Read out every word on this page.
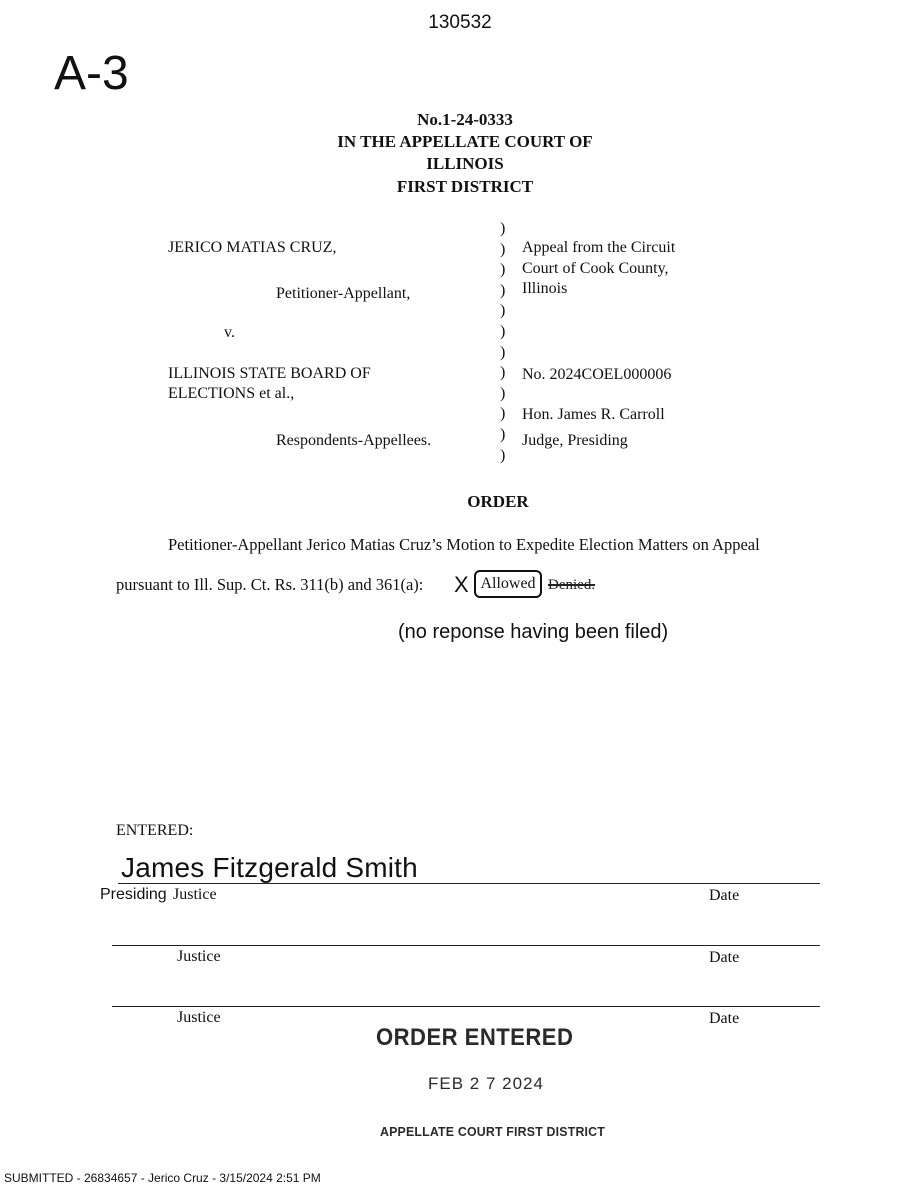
130532
A-3
No.1-24-0333
IN THE APPELLATE COURT OF
ILLINOIS
FIRST DISTRICT
JERICO MATIAS CRUZ,
Petitioner-Appellant,
v.
ILLINOIS STATE BOARD OF ELECTIONS et al.,
Respondents-Appellees.
)
)
)
)
)
)
)
)
)
)
)
)
Appeal from the Circuit Court of Cook County, Illinois
No. 2024COEL000006
Hon. James R. Carroll
Judge, Presiding
ORDER
Petitioner-Appellant Jerico Matias Cruz’s Motion to Expedite Election Matters on Appeal
pursuant to Ill. Sup. Ct. Rs. 311(b) and 361(a): X Allowed Denied.
(no reponse having been filed)
ENTERED:
James Fitzgerald Smith
Presiding Justice	Date
Justice	Date
Justice	Date
ORDER ENTERED
FEB 2 7 2024
APPELLATE COURT FIRST DISTRICT
SUBMITTED - 26834657 - Jerico Cruz - 3/15/2024 2:51 PM
